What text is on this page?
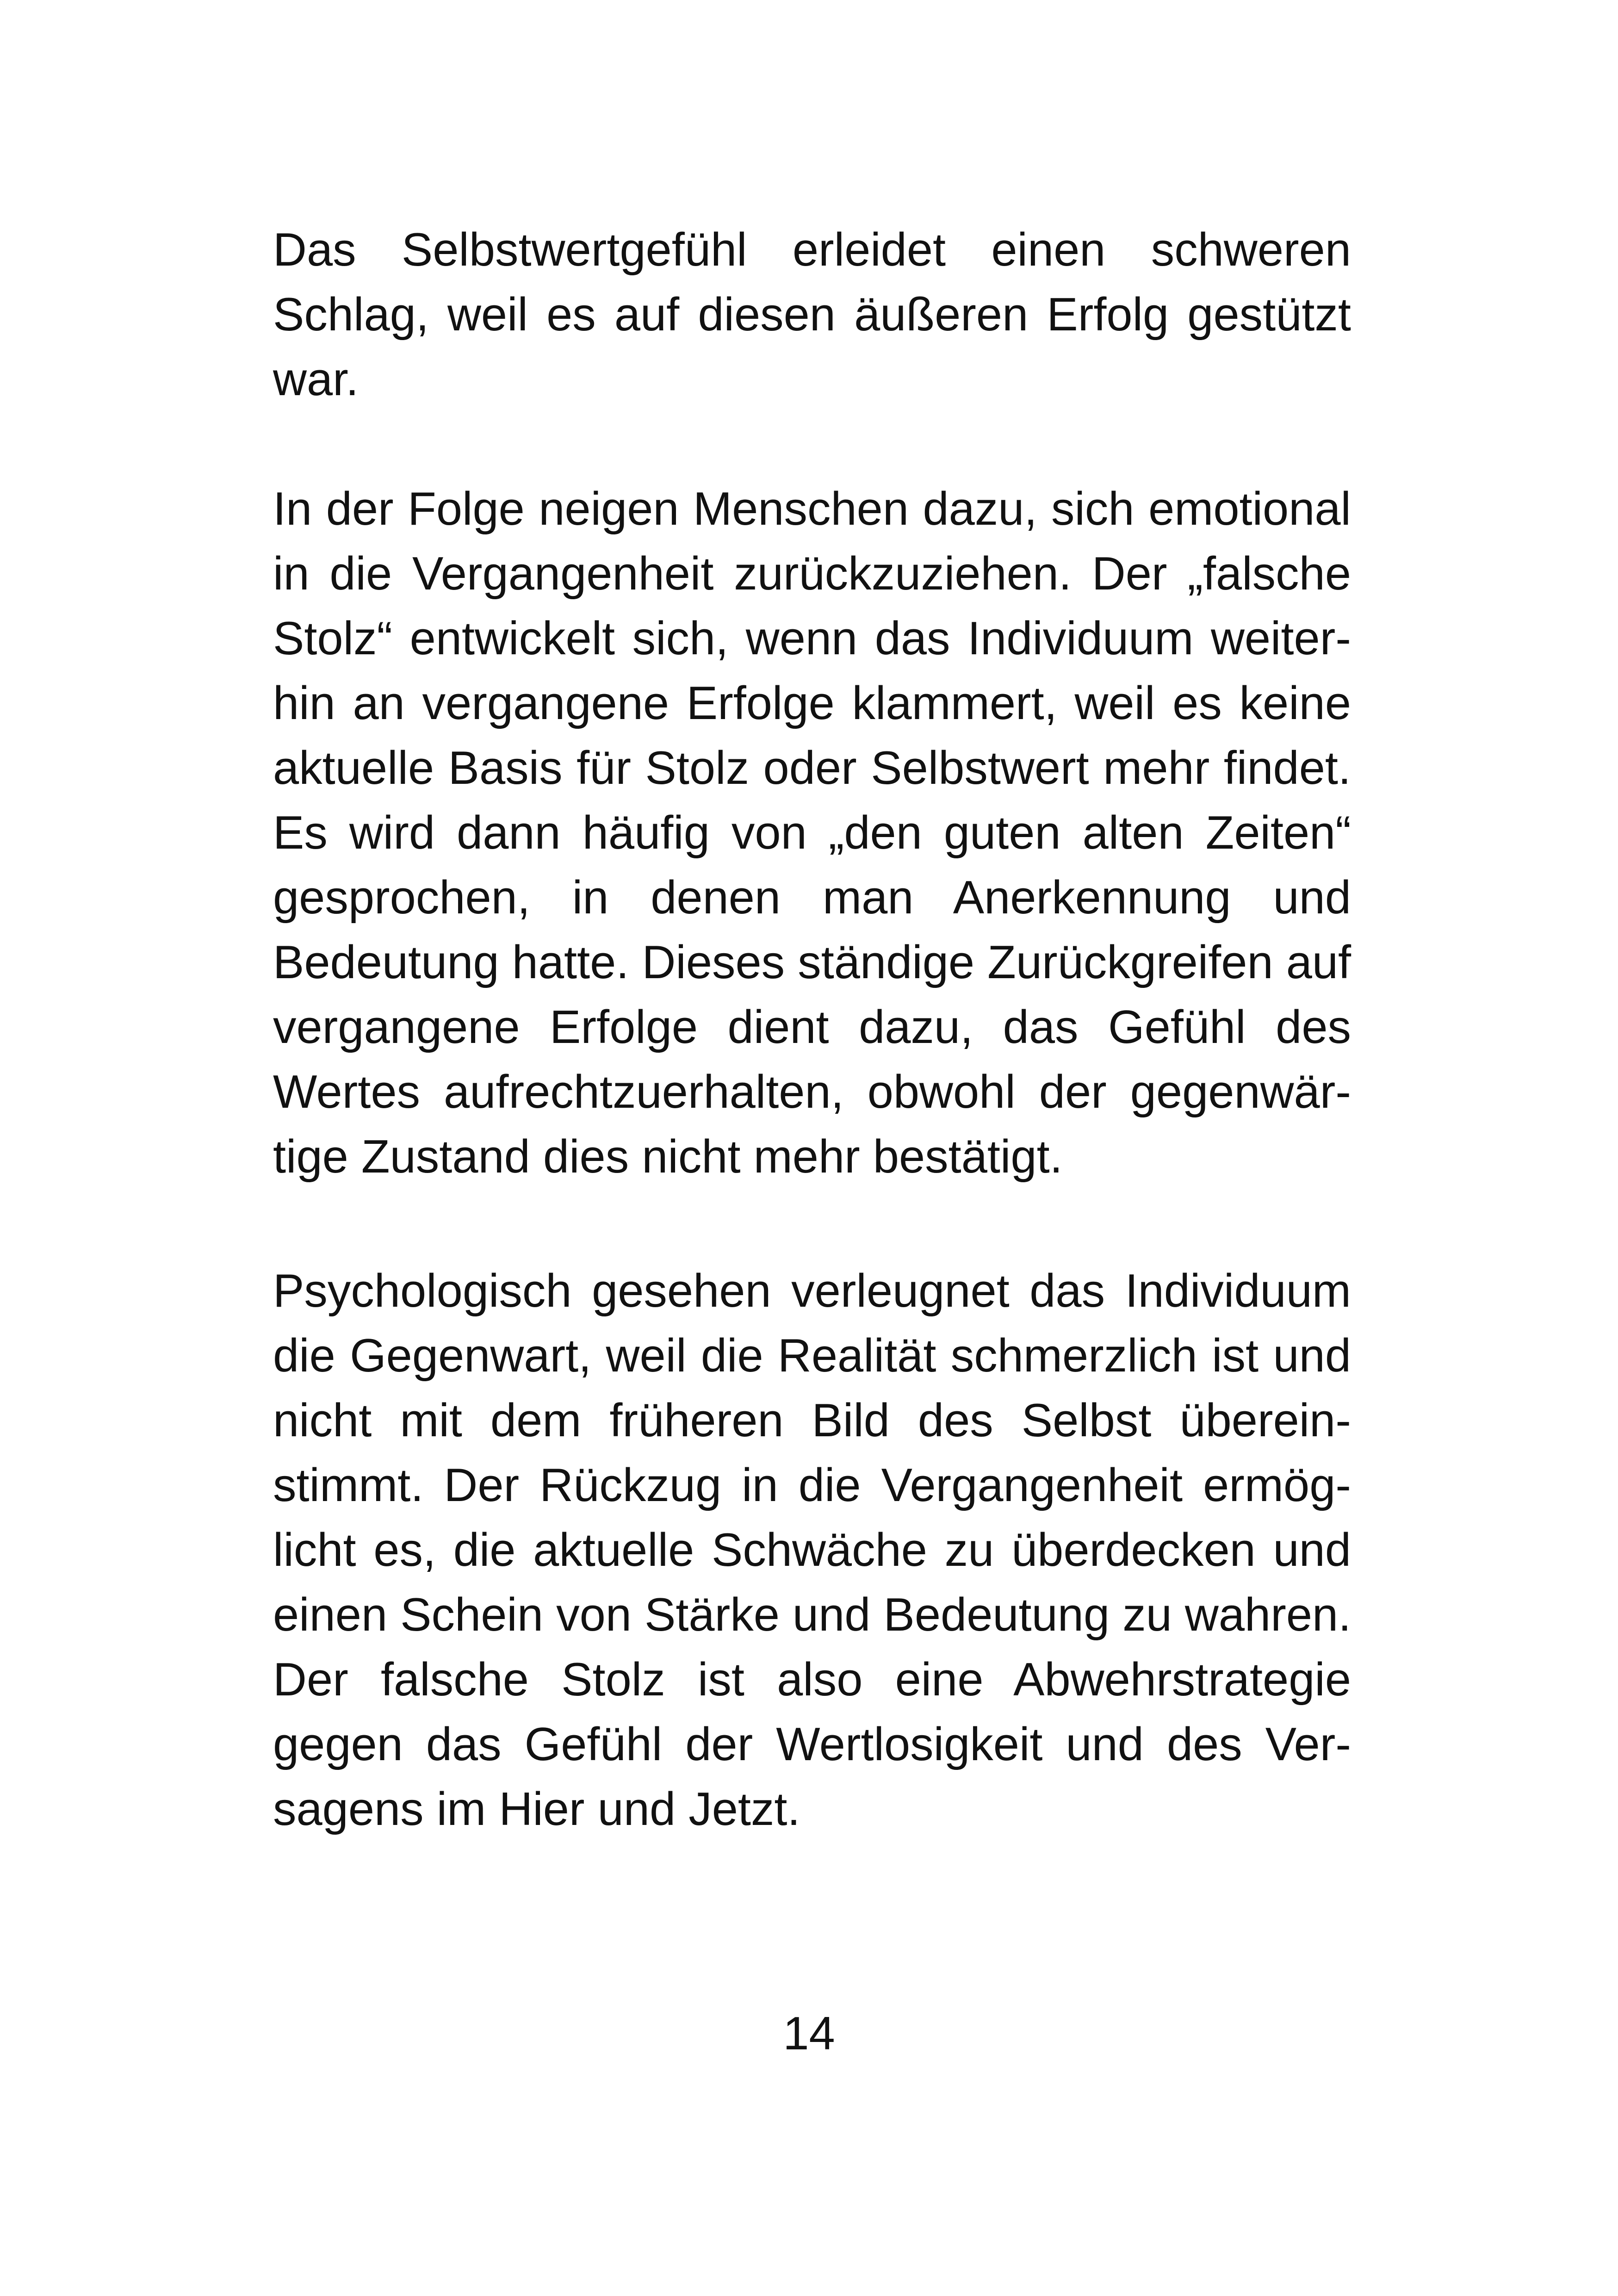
Das Selbstwertgefühl erleidet einen schweren
Schlag, weil es auf diesen äußeren Erfolg gestützt
war.
In der Folge neigen Menschen dazu, sich emotional
in die Vergangenheit zurückzuziehen. Der „falsche
Stolz“ entwickelt sich, wenn das Individuum weiter-
hin an vergangene Erfolge klammert, weil es keine
aktuelle Basis für Stolz oder Selbstwert mehr findet.
Es wird dann häufig von „den guten alten Zeiten“
gesprochen, in denen man Anerkennung und
Bedeutung hatte. Dieses ständige Zurückgreifen auf
vergangene Erfolge dient dazu, das Gefühl des
Wertes aufrechtzuerhalten, obwohl der gegenwär-
tige Zustand dies nicht mehr bestätigt.
Psychologisch gesehen verleugnet das Individuum
die Gegenwart, weil die Realität schmerzlich ist und
nicht mit dem früheren Bild des Selbst überein-
stimmt. Der Rückzug in die Vergangenheit ermög-
licht es, die aktuelle Schwäche zu überdecken und
einen Schein von Stärke und Bedeutung zu wahren.
Der falsche Stolz ist also eine Abwehrstrategie
gegen das Gefühl der Wertlosigkeit und des Ver-
sagens im Hier und Jetzt.
14
